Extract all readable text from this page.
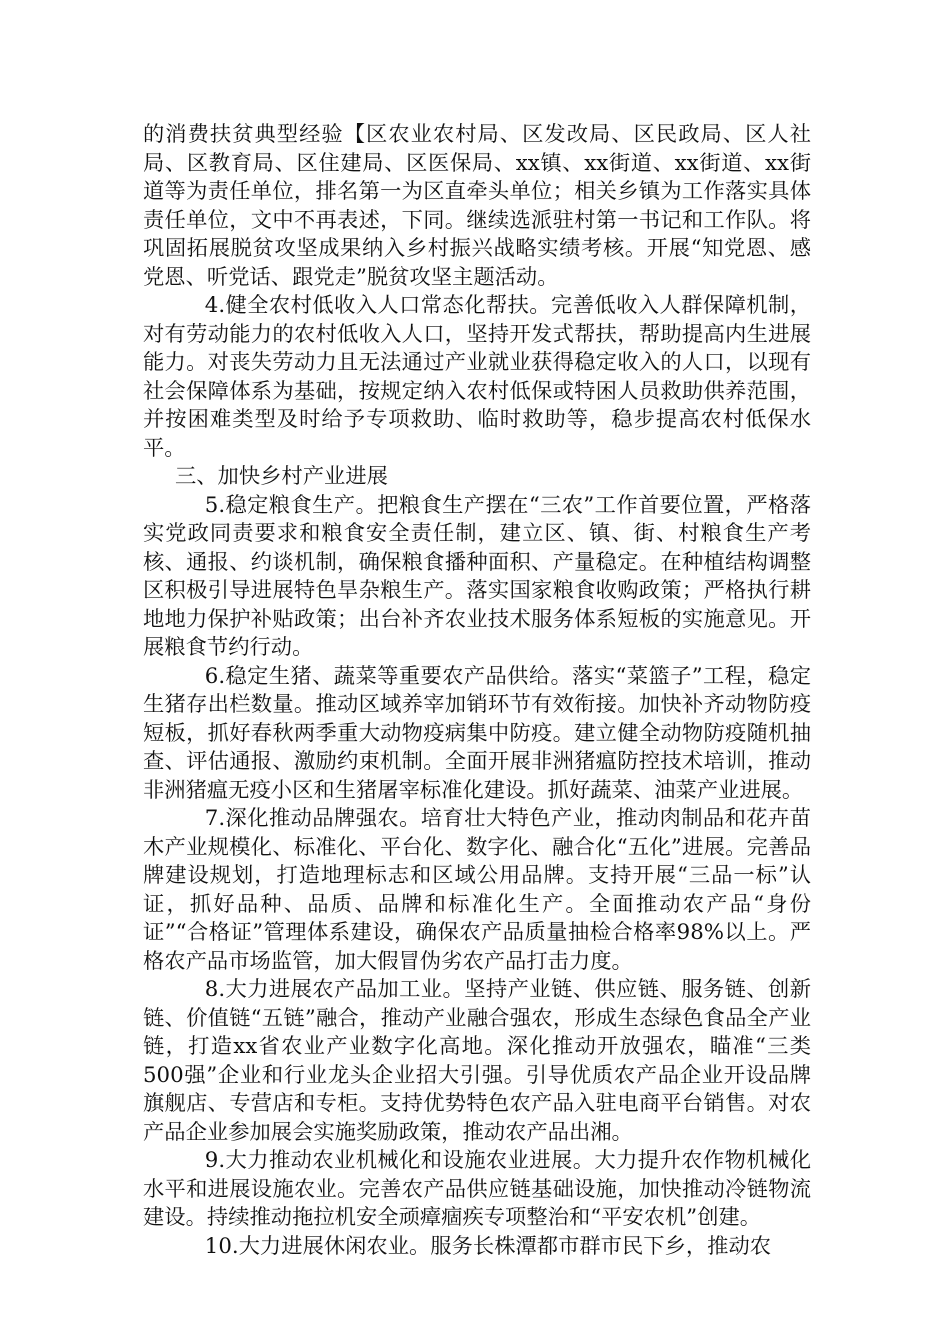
的消费扶贫典型经验【区农业农村局、区发改局、区民政局、区人社局、区教育局、区住建局、区医保局、xx镇、xx街道、xx街道、xx街道等为责任单位，排名第一为区直牵头单位；相关乡镇为工作落实具体责任单位，文中不再表述，下同。继续选派驻村第一书记和工作队。将巩固拓展脱贫攻坚成果纳入乡村振兴战略实绩考核。开展“知党恩、感党恩、听党话、跟党走”脱贫攻坚主题活动。

4.健全农村低收入人口常态化帮扶。完善低收入人群保障机制，对有劳动能力的农村低收入人口，坚持开发式帮扶，帮助提高内生进展能力。对丧失劳动力且无法通过产业就业获得稳定收入的人口，以现有社会保障体系为基础，按规定纳入农村低保或特困人员救助供养范围，并按困难类型及时给予专项救助、临时救助等，稳步提高农村低保水平。

三、加快乡村产业进展

5.稳定粮食生产。把粮食生产摆在“三农”工作首要位置，严格落实党政同责要求和粮食安全责任制，建立区、镇、街、村粮食生产考核、通报、约谈机制，确保粮食播种面积、产量稳定。在种植结构调整区积极引导进展特色旱杂粮生产。落实国家粮食收购政策；严格执行耕地地力保护补贴政策；出台补齐农业技术服务体系短板的实施意见。开展粮食节约行动。

6.稳定生猪、蔬菜等重要农产品供给。落实“菜篮子”工程，稳定生猪存出栏数量。推动区域养宰加销环节有效衔接。加快补齐动物防疫短板，抓好春秋两季重大动物疫病集中防疫。建立健全动物防疫随机抽查、评估通报、激励约束机制。全面开展非洲猪瘟防控技术培训，推动非洲猪瘟无疫小区和生猪屠宰标准化建设。抓好蔬菜、油菜产业进展。

7.深化推动品牌强农。培育壮大特色产业，推动肉制品和花卉苗木产业规模化、标准化、平台化、数字化、融合化“五化”进展。完善品牌建设规划，打造地理标志和区域公用品牌。支持开展“三品一标”认证，抓好品种、品质、品牌和标准化生产。全面推动农产品“身份证”“合格证”管理体系建设，确保农产品质量抽检合格率98%以上。严格农产品市场监管，加大假冒伪劣农产品打击力度。

8.大力进展农产品加工业。坚持产业链、供应链、服务链、创新链、价值链“五链”融合，推动产业融合强农，形成生态绿色食品全产业链，打造xx省农业产业数字化高地。深化推动开放强农，瞄准“三类500强”企业和行业龙头企业招大引强。引导优质农产品企业开设品牌旗舰店、专营店和专柜。支持优势特色农产品入驻电商平台销售。对农产品企业参加展会实施奖励政策，推动农产品出湘。

9.大力推动农业机械化和设施农业进展。大力提升农作物机械化水平和进展设施农业。完善农产品供应链基础设施，加快推动冷链物流建设。持续推动拖拉机安全顽瘴痼疾专项整治和“平安农机”创建。

10.大力进展休闲农业。服务长株潭都市群市民下乡，推动农
